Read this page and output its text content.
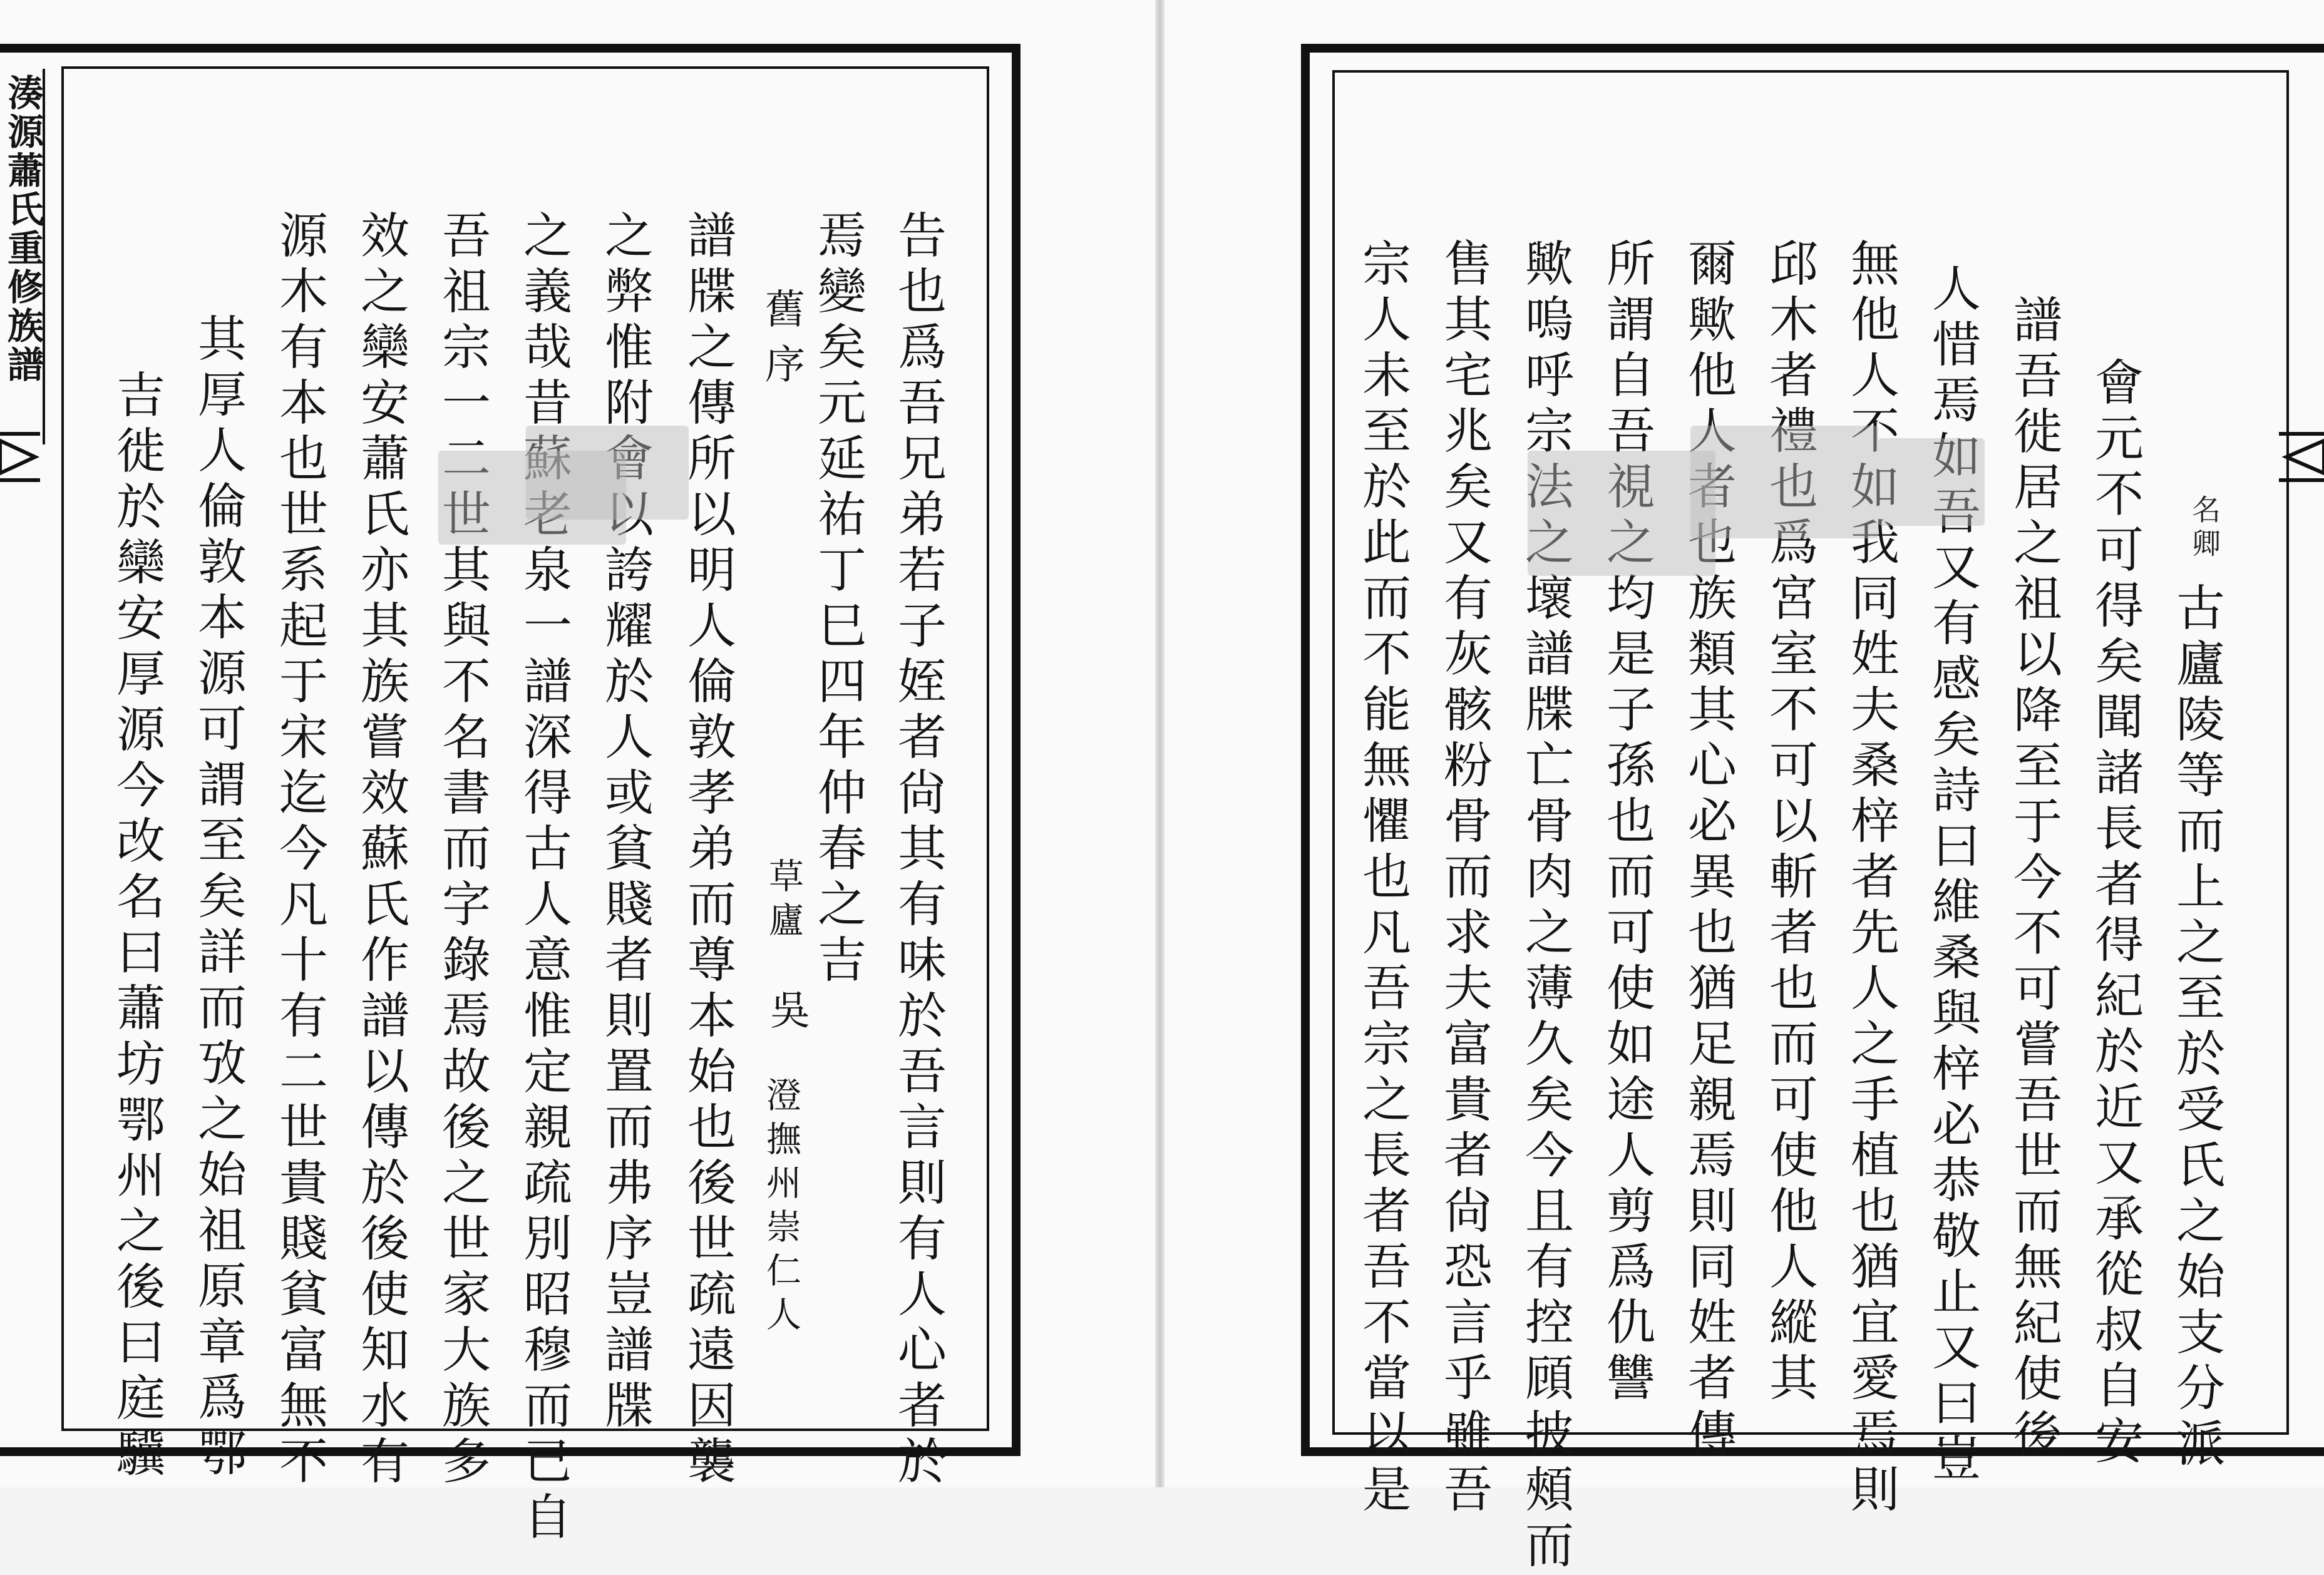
湊源蕭氏重修族譜	告也爲吾兄弟若子姪者尙其有味於吾言則有人心者於
焉變矣元延祐丁巳四年仲春之吉
舊序
草廬
吳
澄撫州崇仁人
譜牒之傳所以明人倫敦孝弟而尊本始也後世疏遠因襲
之弊惟附會以誇耀於人或貧賤者則置而弗序豈譜牒
之義哉昔蘇老泉一譜深得古人意惟定親疏別昭穆而已自
吾祖宗一二世其與不名書而字錄焉故後之世家大族多
效之欒安蕭氏亦其族嘗效蘇氏作譜以傳於後使知水有
源木有本也世系起于宋迄今凡十有二世貴賤貧富無不
其厚人倫敦本源可謂至矣詳而攷之始祖原章爲鄂
吉徙於欒安厚源今改名曰蕭坊鄂州之後曰庭驥	名卿
古廬陵等而上之至於受氏之始支分派
會元不可得矣聞諸長者得紀於近又承從叔自安
譜吾徙居之祖以降至于今不可嘗吾世而無紀使後
人惜焉如吾又有感矣詩曰維桑與梓必恭敬止又曰豈
無他人不如我同姓夫桑梓者先人之手植也猶宜愛焉則
邱木者禮也爲宮室不可以斬者也而可使他人縱其
爾歟他人者也族類其心必異也猶足親焉則同姓者傳
所謂自吾視之均是子孫也而可使如途人剪爲仇讐
歟嗚呼宗法之壞譜牒亡骨肉之薄久矣今且有控頋披頰而
售其宅兆矣又有灰骸粉骨而求夫富貴者尙恐言乎雖吾
宗人未至於此而不能無懼也凡吾宗之長者吾不當以是
